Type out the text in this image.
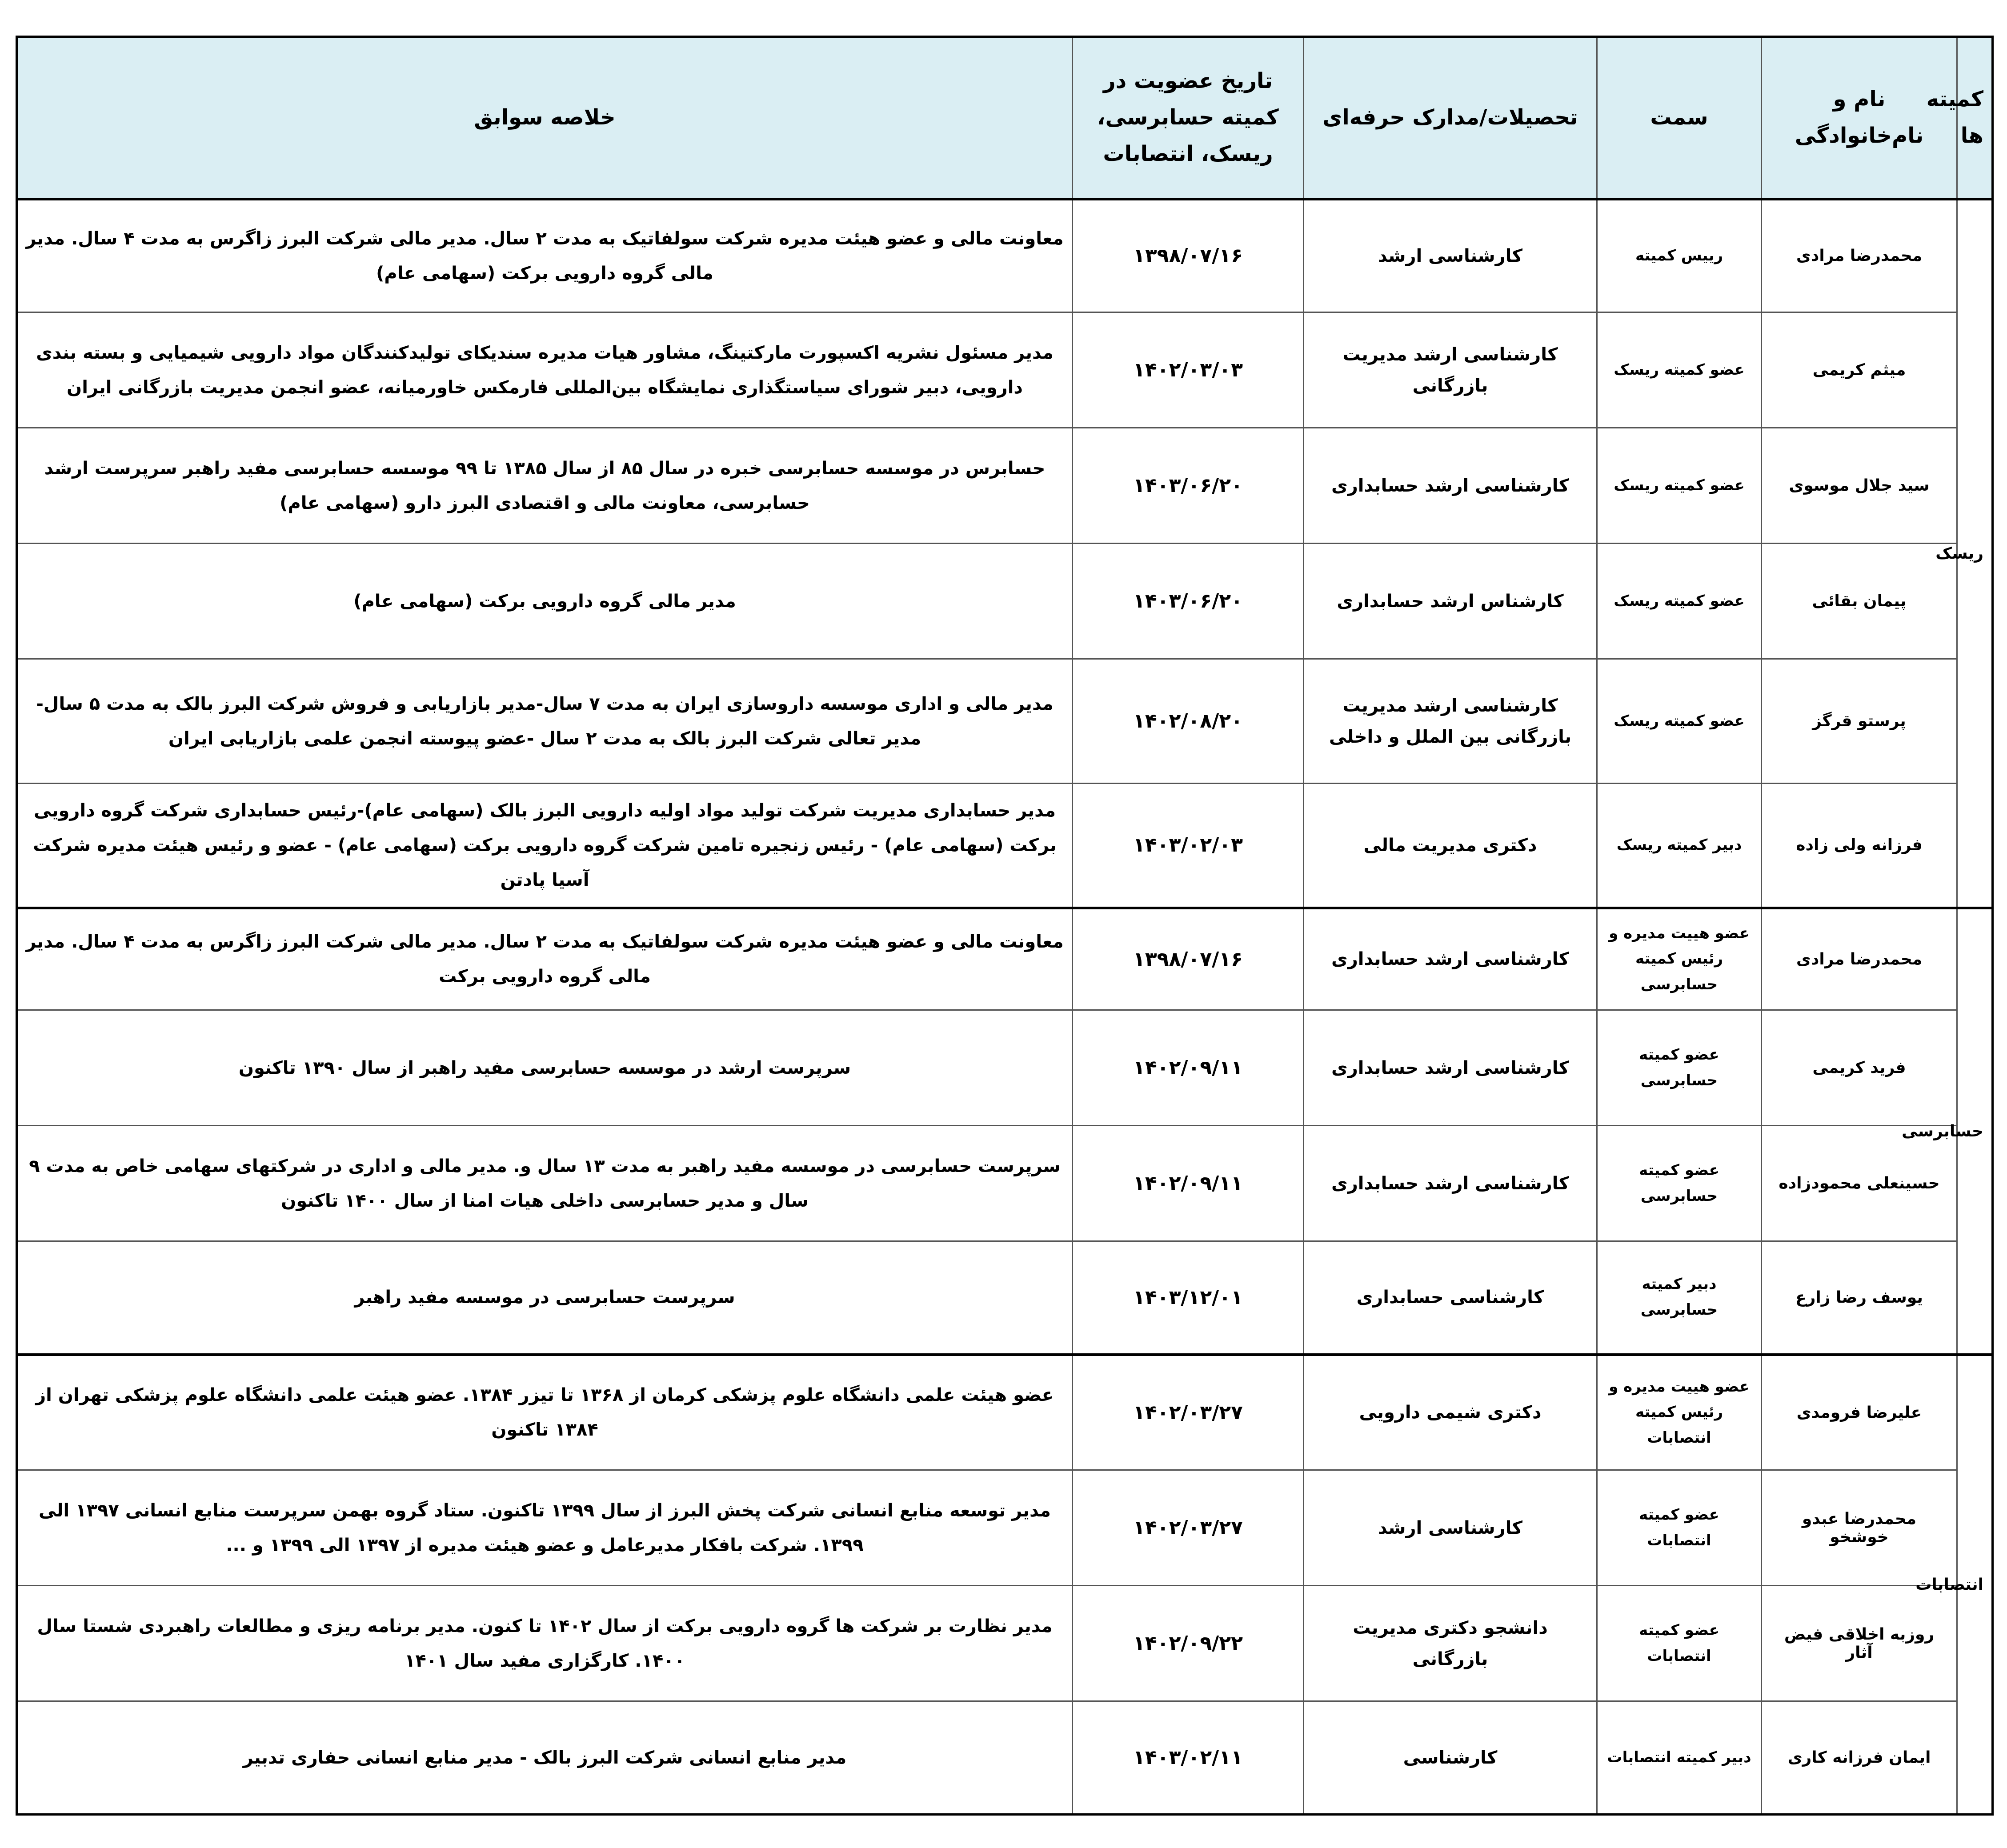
کمیته ها	نام و نام‌خانوادگی	سمت	تحصیلات/مدارک حرفه‌ای	تاریخ عضویت در کمیته حسابرسی، ریسک، انتصابات	خلاصه سوابق
ریسک	محمدرضا مرادی	رییس کمیته	کارشناسی ارشد	۱۳۹۸/۰۷/۱۶	معاونت مالی و عضو هیئت مدیره شرکت سولفاتیک به مدت ۲ سال. مدیر مالی شرکت البرز زاگرس به مدت ۴ سال. مدیر مالی گروه دارویی برکت (سهامی عام)
	میثم کریمی	عضو کمیته ریسک	کارشناسی ارشد مدیریت بازرگانی	۱۴۰۲/۰۳/۰۳	مدیر مسئول نشریه اکسپورت مارکتینگ، مشاور هیات مدیره سندیکای تولیدکنندگان مواد دارویی شیمیایی و بسته بندی دارویی، دبیر شورای سیاستگذاری نمایشگاه بین‌المللی فارمکس خاورمیانه، عضو انجمن مدیریت بازرگانی ایران
	سید جلال موسوی	عضو کمیته ریسک	کارشناسی ارشد حسابداری	۱۴۰۳/۰۶/۲۰	حسابرس در موسسه حسابرسی خبره در سال ۸۵ از سال ۱۳۸۵ تا ۹۹ موسسه حسابرسی مفید راهبر سرپرست ارشد حسابرسی، معاونت مالی و اقتصادی البرز دارو (سهامی عام)
	پیمان بقائی	عضو کمیته ریسک	کارشناس ارشد حسابداری	۱۴۰۳/۰۶/۲۰	مدیر مالی گروه دارویی برکت (سهامی عام)
	پرستو قرگز	عضو کمیته ریسک	کارشناسی ارشد مدیریت بازرگانی بین الملل و داخلی	۱۴۰۲/۰۸/۲۰	مدیر مالی و اداری موسسه داروسازی ایران به مدت ۷ سال-مدیر بازاریابی و فروش شرکت البرز بالک به مدت ۵ سال-مدیر تعالی شرکت البرز بالک به مدت ۲ سال -عضو پیوسته انجمن علمی بازاریابی ایران
	فرزانه ولی زاده	دبیر کمیته ریسک	دکتری مدیریت مالی	۱۴۰۳/۰۲/۰۳	مدیر حسابداری مدیریت شرکت تولید مواد اولیه دارویی البرز بالک (سهامی عام)-رئیس حسابداری شرکت گروه دارویی برکت (سهامی عام) - رئیس زنجیره تامین شرکت گروه دارویی برکت (سهامی عام) - عضو و رئیس هیئت مدیره شرکت آسیا پادتن
حسابرسی	محمدرضا مرادی	عضو هییت مدیره و رئیس کمیته حسابرسی	کارشناسی ارشد حسابداری	۱۳۹۸/۰۷/۱۶	معاونت مالی و عضو هیئت مدیره شرکت سولفاتیک به مدت ۲ سال. مدیر مالی شرکت البرز زاگرس به مدت ۴ سال. مدیر مالی گروه دارویی برکت
	فرید کریمی	عضو کمیته حسابرسی	کارشناسی ارشد حسابداری	۱۴۰۲/۰۹/۱۱	سرپرست ارشد در موسسه حسابرسی مفید راهبر از سال ۱۳۹۰ تاکنون
	حسینعلی محمودزاده	عضو کمیته حسابرسی	کارشناسی ارشد حسابداری	۱۴۰۲/۰۹/۱۱	سرپرست حسابرسی در موسسه مفید راهبر به مدت ۱۳ سال و. مدیر مالی و اداری در شرکتهای سهامی خاص به مدت ۹ سال و مدیر حسابرسی داخلی هیات امنا از سال ۱۴۰۰ تاکنون
	یوسف رضا زارع	دبیر کمیته حسابرسی	کارشناسی حسابداری	۱۴۰۳/۱۲/۰۱	سرپرست حسابرسی در موسسه مفید راهبر
انتصابات	علیرضا فرومدی	عضو هییت مدیره و رئیس کمیته انتصابات	دکتری شیمی دارویی	۱۴۰۲/۰۳/۲۷	عضو هیئت علمی دانشگاه علوم پزشکی کرمان از ۱۳۶۸ تا تیزر ۱۳۸۴. عضو هیئت علمی دانشگاه علوم پزشکی تهران از ۱۳۸۴ تاکنون
	محمدرضا عبدو خوشخو	عضو کمیته انتصابات	کارشناسی ارشد	۱۴۰۲/۰۳/۲۷	مدیر توسعه منابع انسانی شرکت پخش البرز از سال ۱۳۹۹ تاکنون. ستاد گروه بهمن سرپرست منابع انسانی ۱۳۹۷ الی ۱۳۹۹. شرکت بافکار مدیرعامل و عضو هیئت مدیره از ۱۳۹۷ الی ۱۳۹۹ و ...
	روزبه اخلاقی فیض آثار	عضو کمیته انتصابات	دانشجو دکتری مدیریت بازرگانی	۱۴۰۲/۰۹/۲۲	مدیر نظارت بر شرکت ها گروه دارویی برکت از سال ۱۴۰۲ تا کنون. مدیر برنامه ریزی و مطالعات راهبردی شستا سال ۱۴۰۰. کارگزاری مفید سال ۱۴۰۱
	ایمان فرزانه کاری	دبیر کمیته انتصابات	کارشناسی	۱۴۰۳/۰۲/۱۱	مدیر منابع انسانی شرکت البرز بالک - مدیر منابع انسانی حفاری تدبیر
